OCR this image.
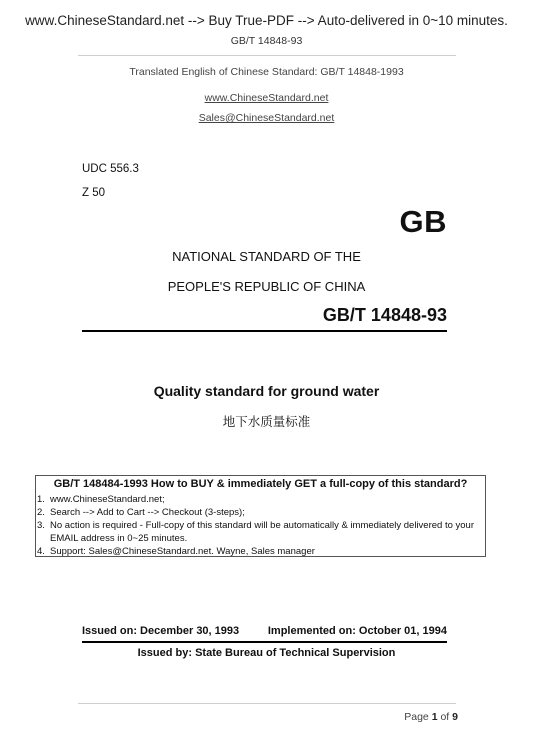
www.ChineseStandard.net --> Buy True-PDF --> Auto-delivered in 0~10 minutes.
GB/T 14848-93
Translated English of Chinese Standard: GB/T 14848-1993
www.ChineseStandard.net
Sales@ChineseStandard.net
UDC 556.3
Z 50
GB
NATIONAL STANDARD OF THE
PEOPLE'S REPUBLIC OF CHINA
GB/T 14848-93
Quality standard for ground water
地下水质量标准
GB/T 148484-1993 How to BUY & immediately GET a full-copy of this standard?
1. www.ChineseStandard.net;
2. Search --> Add to Cart --> Checkout (3-steps);
3. No action is required - Full-copy of this standard will be automatically & immediately delivered to your EMAIL address in 0~25 minutes.
4. Support: Sales@ChineseStandard.net. Wayne, Sales manager
Issued on: December 30, 1993	Implemented on: October 01, 1994
Issued by: State Bureau of Technical Supervision
Page 1 of 9
